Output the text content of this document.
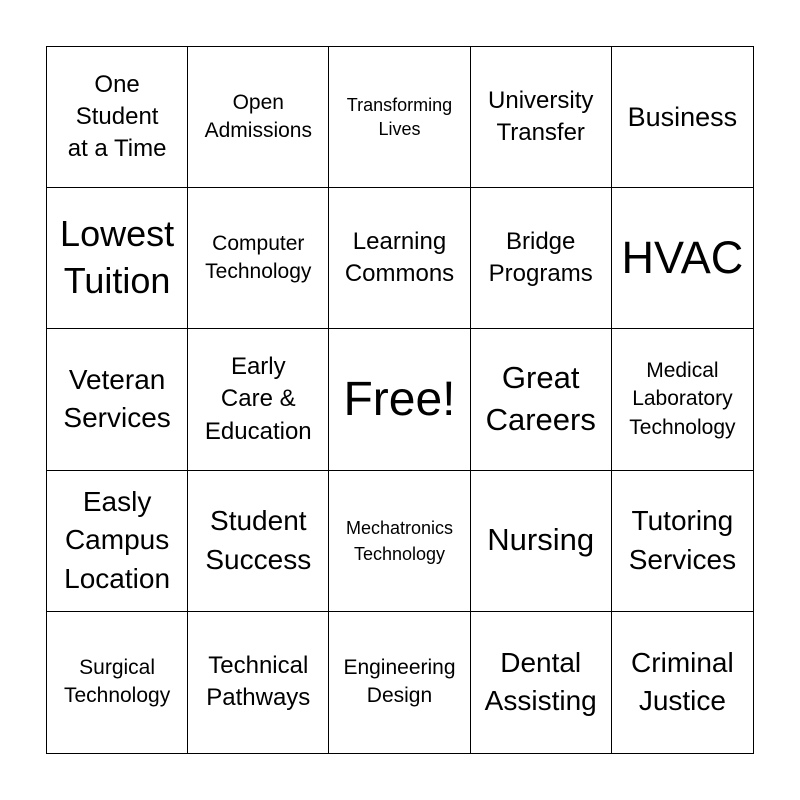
One
Student
at a Time
Open
Admissions
Transforming
Lives
University
Transfer
Business
Lowest
Tuition
Computer
Technology
Learning
Commons
Bridge
Programs HVAC
Veteran
Services
Early
Care &
Education
Free!	Great
Careers
Medical
Laboratory
Technology
Easly
Campus
Location
Student
Success
Mechatronics
Technology	Nursing
Tutoring
Services
Surgical
Technology
Technical
Pathways
Engineering
Design
Dental
Assisting
Criminal
Justice
